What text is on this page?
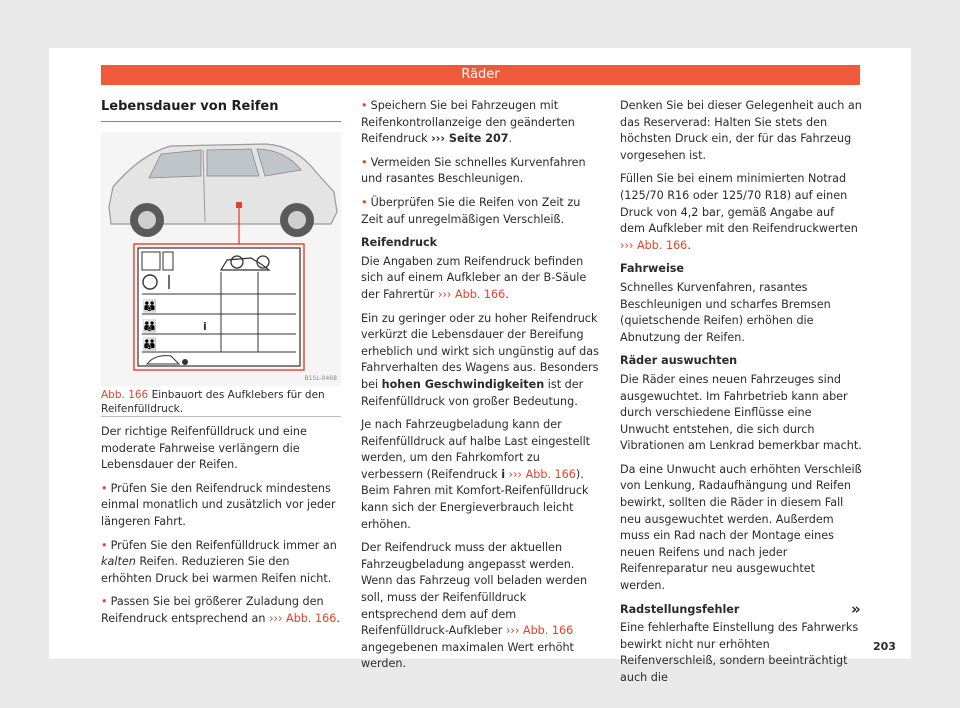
Räder
Lebensdauer von Reifen
👪
👪	i
👪
B1SL-0468
Abb. 166 Einbauort des Aufklebers für den Reifenfülldruck.

Der richtige Reifenfülldruck und eine moderate Fahrweise verlängern die Lebensdauer der Reifen.

• Prüfen Sie den Reifendruck mindestens einmal monatlich und zusätzlich vor jeder längeren Fahrt.

• Prüfen Sie den Reifenfülldruck immer an kalten Reifen. Reduzieren Sie den erhöhten Druck bei warmen Reifen nicht.

• Passen Sie bei größerer Zuladung den Reifendruck entsprechend an ››› Abb. 166.

• Speichern Sie bei Fahrzeugen mit Reifenkontrollanzeige den geänderten Reifendruck ››› Seite 207.

• Vermeiden Sie schnelles Kurvenfahren und rasantes Beschleunigen.

• Überprüfen Sie die Reifen von Zeit zu Zeit auf unregelmäßigen Verschleiß.

Reifendruck

Die Angaben zum Reifendruck befinden sich auf einem Aufkleber an der B-Säule der Fahrertür ››› Abb. 166.

Ein zu geringer oder zu hoher Reifendruck verkürzt die Lebensdauer der Bereifung erheblich und wirkt sich ungünstig auf das Fahrverhalten des Wagens aus. Besonders bei hohen Geschwindigkeiten ist der Reifenfülldruck von großer Bedeutung.

Je nach Fahrzeugbeladung kann der Reifenfülldruck auf halbe Last eingestellt werden, um den Fahrkomfort zu verbessern (Reifendruck i ››› Abb. 166). Beim Fahren mit Komfort-Reifenfülldruck kann sich der Energieverbrauch leicht erhöhen.

Der Reifendruck muss der aktuellen Fahrzeugbeladung angepasst werden. Wenn das Fahrzeug voll beladen werden soll, muss der Reifenfülldruck entsprechend dem auf dem Reifenfülldruck-Aufkleber ››› Abb. 166 angegebenen maximalen Wert erhöht werden.

Denken Sie bei dieser Gelegenheit auch an das Reserverad: Halten Sie stets den höchsten Druck ein, der für das Fahrzeug vorgesehen ist.

Füllen Sie bei einem minimierten Notrad (125/70 R16 oder 125/70 R18) auf einen Druck von 4,2 bar, gemäß Angabe auf dem Aufkleber mit den Reifendruckwerten ››› Abb. 166.

Fahrweise

Schnelles Kurvenfahren, rasantes Beschleunigen und scharfes Bremsen (quietschende Reifen) erhöhen die Abnutzung der Reifen.

Räder auswuchten

Die Räder eines neuen Fahrzeuges sind ausgewuchtet. Im Fahrbetrieb kann aber durch verschiedene Einflüsse eine Unwucht entstehen, die sich durch Vibrationen am Lenkrad bemerkbar macht.

Da eine Unwucht auch erhöhten Verschleiß von Lenkung, Radaufhängung und Reifen bewirkt, sollten die Räder in diesem Fall neu ausgewuchtet werden. Außerdem muss ein Rad nach der Montage eines neuen Reifens und nach jeder Reifenreparatur neu ausgewuchtet werden.

Radstellungsfehler

Eine fehlerhafte Einstellung des Fahrwerks bewirkt nicht nur erhöhten Reifenverschleiß, sondern beeinträchtigt auch die

»
203
